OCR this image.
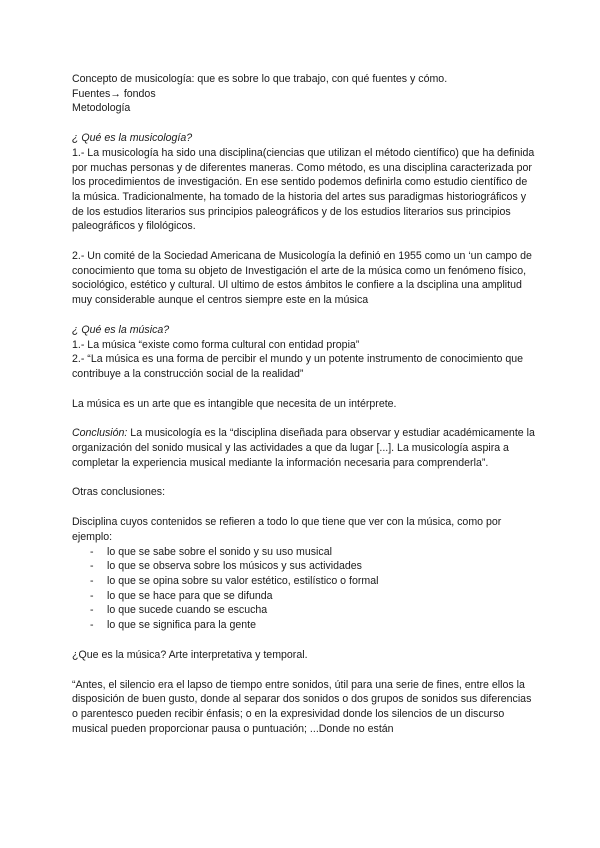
Concepto de musicología: que es sobre lo que trabajo, con qué fuentes y cómo.

Fuentes→ fondos

Metodología

¿ Qué es la musicología?

1.- La musicología ha sido una disciplina(ciencias que utilizan el método científico) que ha definida por muchas personas y de diferentes maneras. Como método, es una disciplina caracterizada por los procedimientos de investigación. En ese sentido podemos definirla como estudio científico de la música. Tradicionalmente, ha tomado de la historia del artes sus paradigmas historiográficos y de los estudios literarios sus principios paleográficos y de los estudios literarios sus principios paleográficos y filológicos.

2.- Un comité de la Sociedad Americana de Musicología la definió en 1955 como un ‘un campo de conocimiento que toma su objeto de Investigación el arte de la música como un fenómeno físico, sociológico, estético y cultural. Ul ultimo de estos ámbitos le confiere a la dsciplina una amplitud muy considerable aunque el centros siempre este en la música

¿ Qué es la música?

1.- La música “existe como forma cultural con entidad propia”

2.- “La música es una forma de percibir el mundo y un potente instrumento de conocimiento que contribuye a la construcción social de la realidad”

La música es un arte que es intangible que necesita de un intérprete.

Conclusión: La musicología es la “disciplina diseñada para observar y estudiar académicamente la organización del sonido musical y las actividades a que da lugar [...]. La musicología aspira a completar la experiencia musical mediante la información necesaria para comprenderla”.

Otras conclusiones:

Disciplina cuyos contenidos se refieren a todo lo que tiene que ver con la música, como por ejemplo:

- lo que se sabe sobre el sonido y su uso musical
- lo que se observa sobre los músicos y sus actividades
- lo que se opina sobre su valor estético, estilístico o formal
- lo que se hace para que se difunda
- lo que sucede cuando se escucha
- lo que se significa para la gente

¿Que es la música? Arte interpretativa y temporal.

“Antes, el silencio era el lapso de tiempo entre sonidos, útil para una serie de fines, entre ellos la disposición de buen gusto, donde al separar dos sonidos o dos grupos de sonidos sus diferencias o parentesco pueden recibir énfasis; o en la expresividad donde los silencios de un discurso musical pueden proporcionar pausa o puntuación; ...Donde no están
